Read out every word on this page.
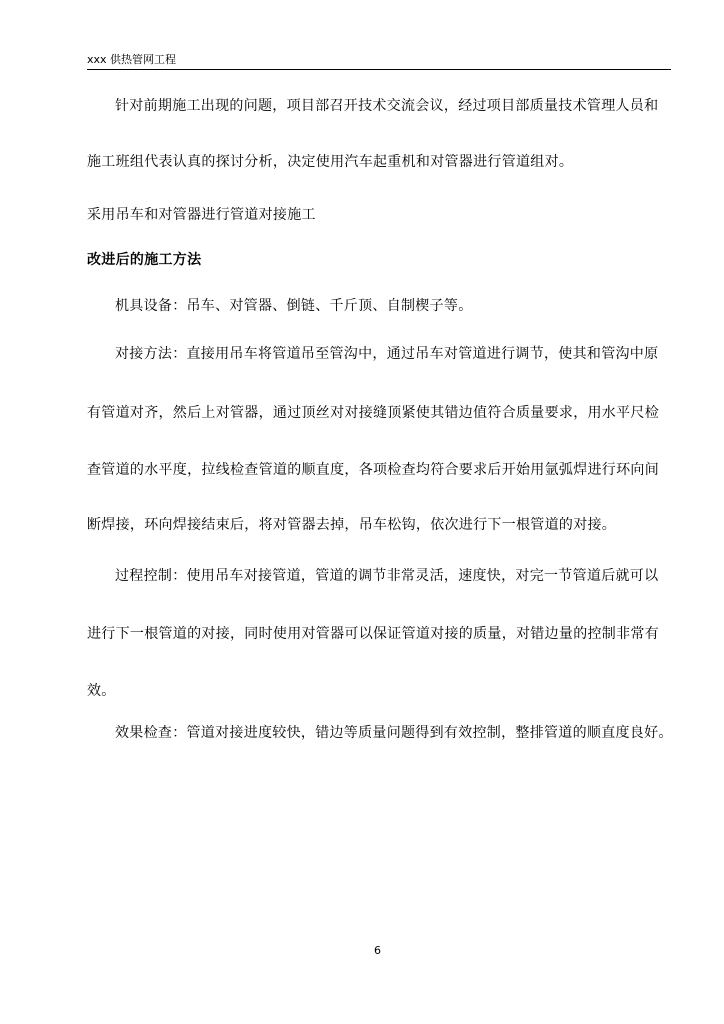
xxx 供热管网工程
针对前期施工出现的问题，项目部召开技术交流会议，经过项目部质量技术管理人员和
施工班组代表认真的探讨分析，决定使用汽车起重机和对管器进行管道组对。
采用吊车和对管器进行管道对接施工
改进后的施工方法
机具设备：吊车、对管器、倒链、千斤顶、自制楔子等。
对接方法：直接用吊车将管道吊至管沟中，通过吊车对管道进行调节，使其和管沟中原
有管道对齐，然后上对管器，通过顶丝对对接缝顶紧使其错边值符合质量要求，用水平尺检
查管道的水平度，拉线检查管道的顺直度，各项检查均符合要求后开始用氩弧焊进行环向间
断焊接，环向焊接结束后，将对管器去掉，吊车松钩，依次进行下一根管道的对接。
过程控制：使用吊车对接管道，管道的调节非常灵活，速度快，对完一节管道后就可以
进行下一根管道的对接，同时使用对管器可以保证管道对接的质量，对错边量的控制非常有
效。
效果检查：管道对接进度较快，错边等质量问题得到有效控制，整排管道的顺直度良好。
6
